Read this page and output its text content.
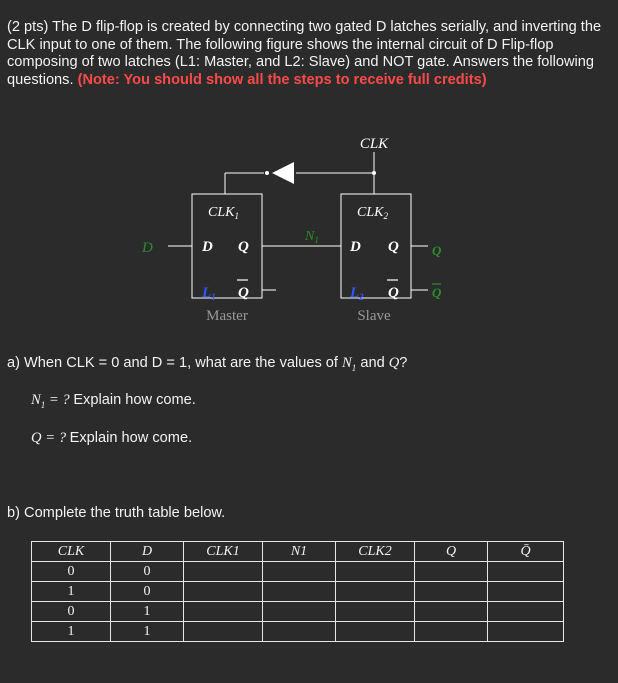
(2 pts) The D flip-flop is created by connecting two gated D latches serially, and inverting the CLK input to one of them. The following figure shows the internal circuit of D Flip-flop composing of two latches (L1: Master, and L2: Slave) and NOT gate. Answers the following questions. (Note: You should show all the steps to receive full credits)
CLK
$CLK_1$
D Q
$L_1$ Q
Master
$CLK_2$
D Q
$L_2$ Q
Slave
D
$N_1$
Q
Q
a) When CLK = 0 and D = 1, what are the values of $N_1$ and Q?
$N_1$ = ? Explain how come.
Q = ? Explain how come.
b) Complete the truth table below.
CLK	D	CLK1	N1	CLK2	Q	Q̄
0	0					
1	0					
0	1					
1	1					
